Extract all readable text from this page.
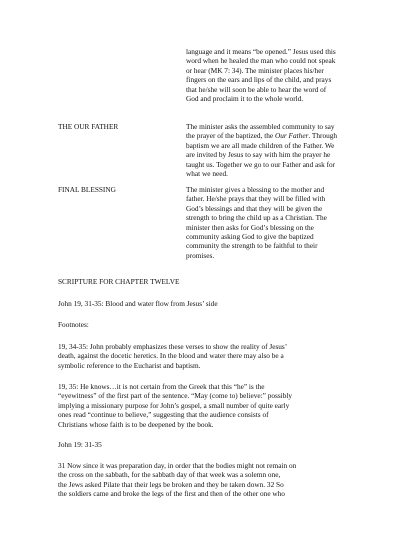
language and it means “be opened.” Jesus used this
word when he healed the man who could not speak
or hear (MK 7: 34). The minister places his/her
fingers on the ears and lips of the child, and prays
that he/she will soon be able to hear the word of
God and proclaim it to the whole world.
THE OUR FATHER	The minister asks the assembled community to say
the prayer of the baptized, the Our Father. Through
baptism we are all made children of the Father. We
are invited by Jesus to say with him the prayer he
taught us. Together we go to our Father and ask for
what we need.
FINAL BLESSING	The minister gives a blessing to the mother and
father. He/she prays that they will be filled with
God’s blessings and that they will be given the
strength to bring the child up as a Christian. The
minister then asks for God’s blessing on the
community asking God to give the baptized
community the strength to be faithful to their
promises.
SCRIPTURE FOR CHAPTER TWELVE
John 19, 31-35: Blood and water flow from Jesus’ side
Footnotes:
19, 34-35: John probably emphasizes these verses to show the reality of Jesus’
death, against the docetic heretics. In the blood and water there may also be a
symbolic reference to the Eucharist and baptism.
19, 35: He knows…it is not certain from the Greek that this “he” is the
“eyewitness” of the first part of the sentence. “May (come to) believe:” possibly
implying a missionary purpose for John’s gospel, a small number of quite early
ones read “continue to believe,” suggesting that the audience consists of
Christians whose faith is to be deepened by the book.
John 19: 31-35
31 Now since it was preparation day, in order that the bodies might not remain on
the cross on the sabbath, for the sabbath day of that week was a solemn one,
the Jews asked Pilate that their legs be broken and they be taken down. 32 So
the soldiers came and broke the legs of the first and then of the other one who
